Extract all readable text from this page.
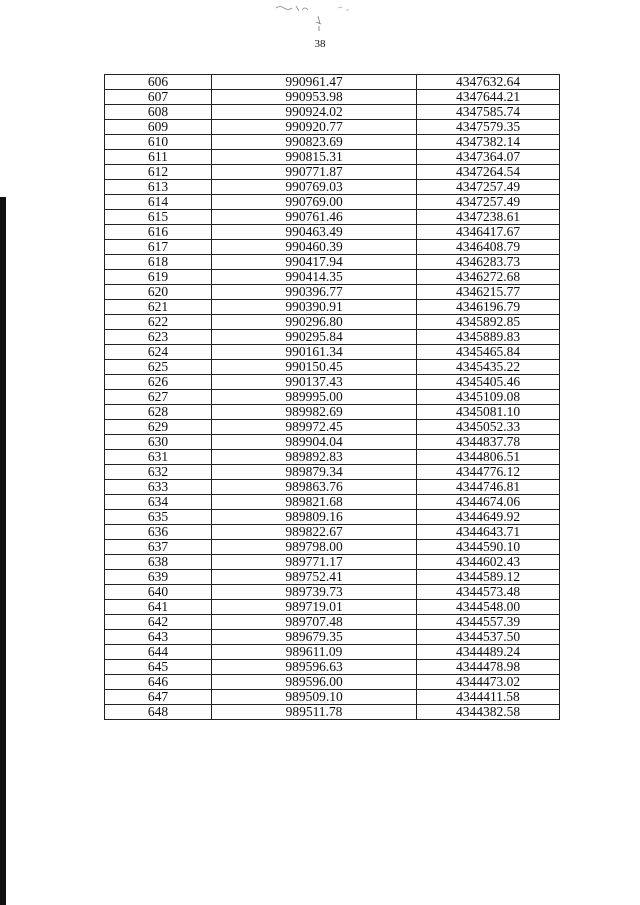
38
606	990961.47	4347632.64
607	990953.98	4347644.21
608	990924.02	4347585.74
609	990920.77	4347579.35
610	990823.69	4347382.14
611	990815.31	4347364.07
612	990771.87	4347264.54
613	990769.03	4347257.49
614	990769.00	4347257.49
615	990761.46	4347238.61
616	990463.49	4346417.67
617	990460.39	4346408.79
618	990417.94	4346283.73
619	990414.35	4346272.68
620	990396.77	4346215.77
621	990390.91	4346196.79
622	990296.80	4345892.85
623	990295.84	4345889.83
624	990161.34	4345465.84
625	990150.45	4345435.22
626	990137.43	4345405.46
627	989995.00	4345109.08
628	989982.69	4345081.10
629	989972.45	4345052.33
630	989904.04	4344837.78
631	989892.83	4344806.51
632	989879.34	4344776.12
633	989863.76	4344746.81
634	989821.68	4344674.06
635	989809.16	4344649.92
636	989822.67	4344643.71
637	989798.00	4344590.10
638	989771.17	4344602.43
639	989752.41	4344589.12
640	989739.73	4344573.48
641	989719.01	4344548.00
642	989707.48	4344557.39
643	989679.35	4344537.50
644	989611.09	4344489.24
645	989596.63	4344478.98
646	989596.00	4344473.02
647	989509.10	4344411.58
648	989511.78	4344382.58
